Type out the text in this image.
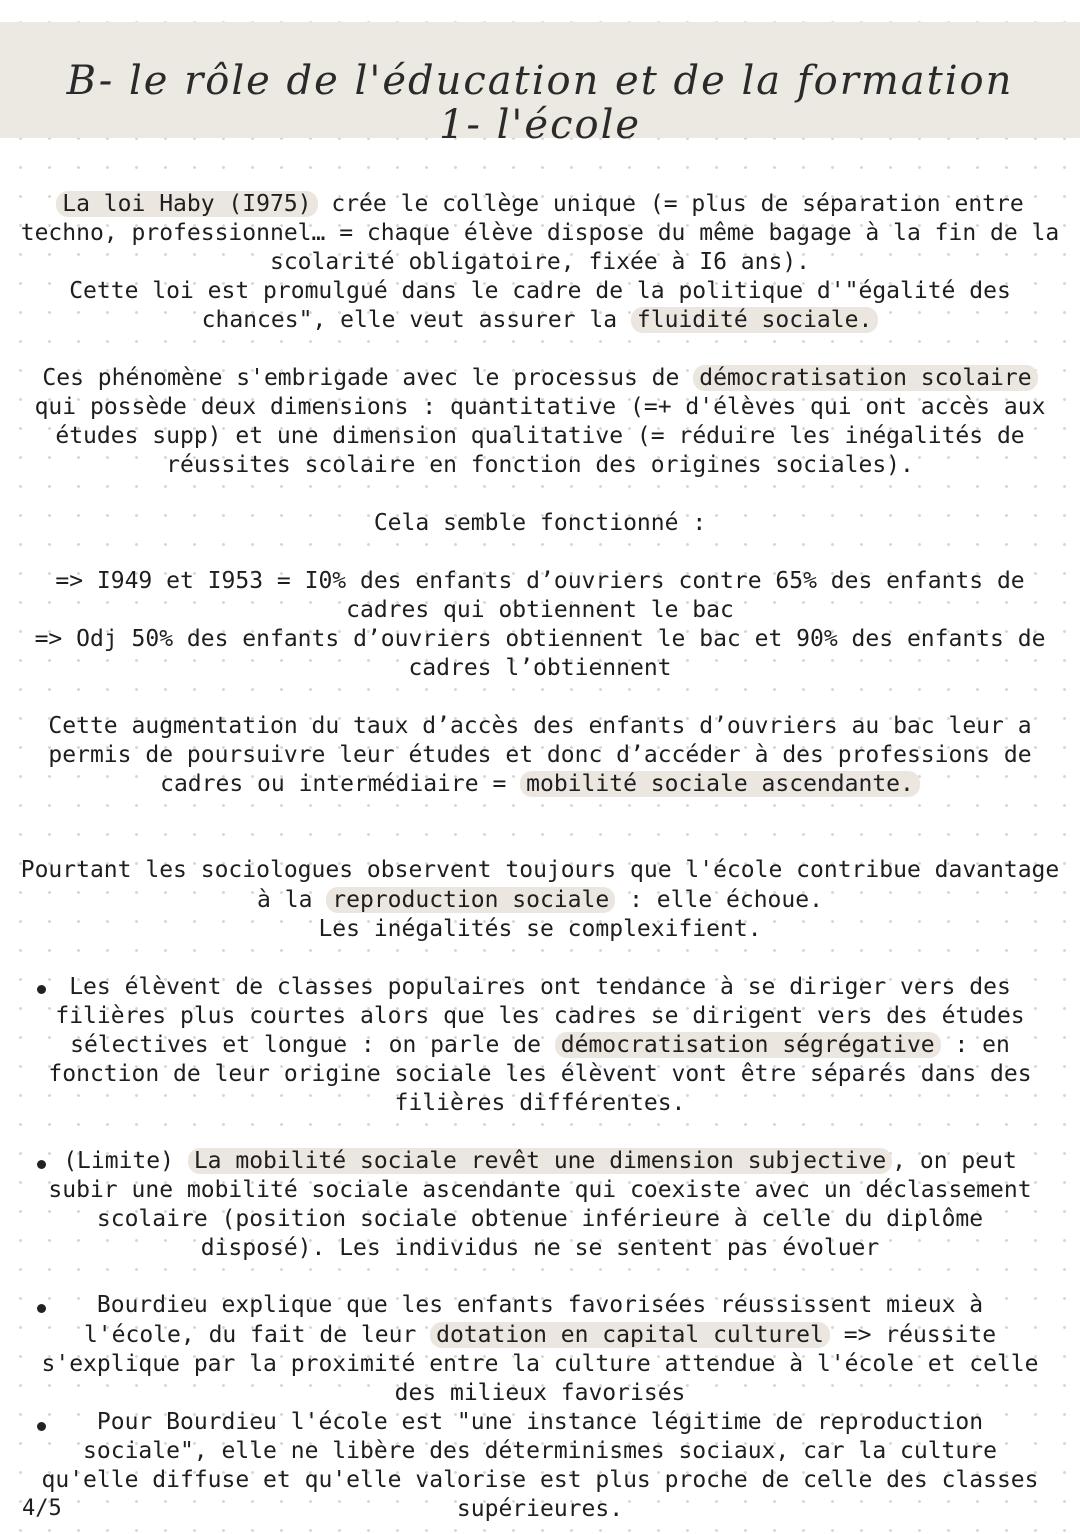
B- le rôle de l'éducation et de la formation
1- l'école
La loi Haby (I975) crée le collège unique (= plus de séparation entre
techno, professionnel… = chaque élève dispose du même bagage à la fin de la
scolarité obligatoire, fixée à I6 ans).
Cette loi est promulgué dans le cadre de la politique d'"égalité des
chances", elle veut assurer la fluidité sociale.
Ces phénomène s'embrigade avec le processus de démocratisation scolaire
qui possède deux dimensions : quantitative (=+ d'élèves qui ont accès aux
études supp) et une dimension qualitative (= réduire les inégalités de
réussites scolaire en fonction des origines sociales).
Cela semble fonctionné :
=> I949 et I953 = I0% des enfants d’ouvriers contre 65% des enfants de
cadres qui obtiennent le bac
=> Odj 50% des enfants d’ouvriers obtiennent le bac et 90% des enfants de
cadres l’obtiennent
Cette augmentation du taux d’accès des enfants d’ouvriers au bac leur a
permis de poursuivre leur études et donc d’accéder à des professions de
cadres ou intermédiaire = mobilité sociale ascendante.
Pourtant les sociologues observent toujours que l'école contribue davantage
à la reproduction sociale : elle échoue.
Les inégalités se complexifient.
Les élèvent de classes populaires ont tendance à se diriger vers des
filières plus courtes alors que les cadres se dirigent vers des études
sélectives et longue : on parle de démocratisation ségrégative : en
fonction de leur origine sociale les élèvent vont être séparés dans des
filières différentes.
(Limite) La mobilité sociale revêt une dimension subjective , on peut
subir une mobilité sociale ascendante qui coexiste avec un déclassement
scolaire (position sociale obtenue inférieure à celle du diplôme
disposé). Les individus ne se sentent pas évoluer
Bourdieu explique que les enfants favorisées réussissent mieux à
l'école, du fait de leur dotation en capital culturel => réussite
s'explique par la proximité entre la culture attendue à l'école et celle
des milieux favorisés
Pour Bourdieu l'école est "une instance légitime de reproduction
sociale", elle ne libère des déterminismes sociaux, car la culture
qu'elle diffuse et qu'elle valorise est plus proche de celle des classes
supérieures.
4/5
